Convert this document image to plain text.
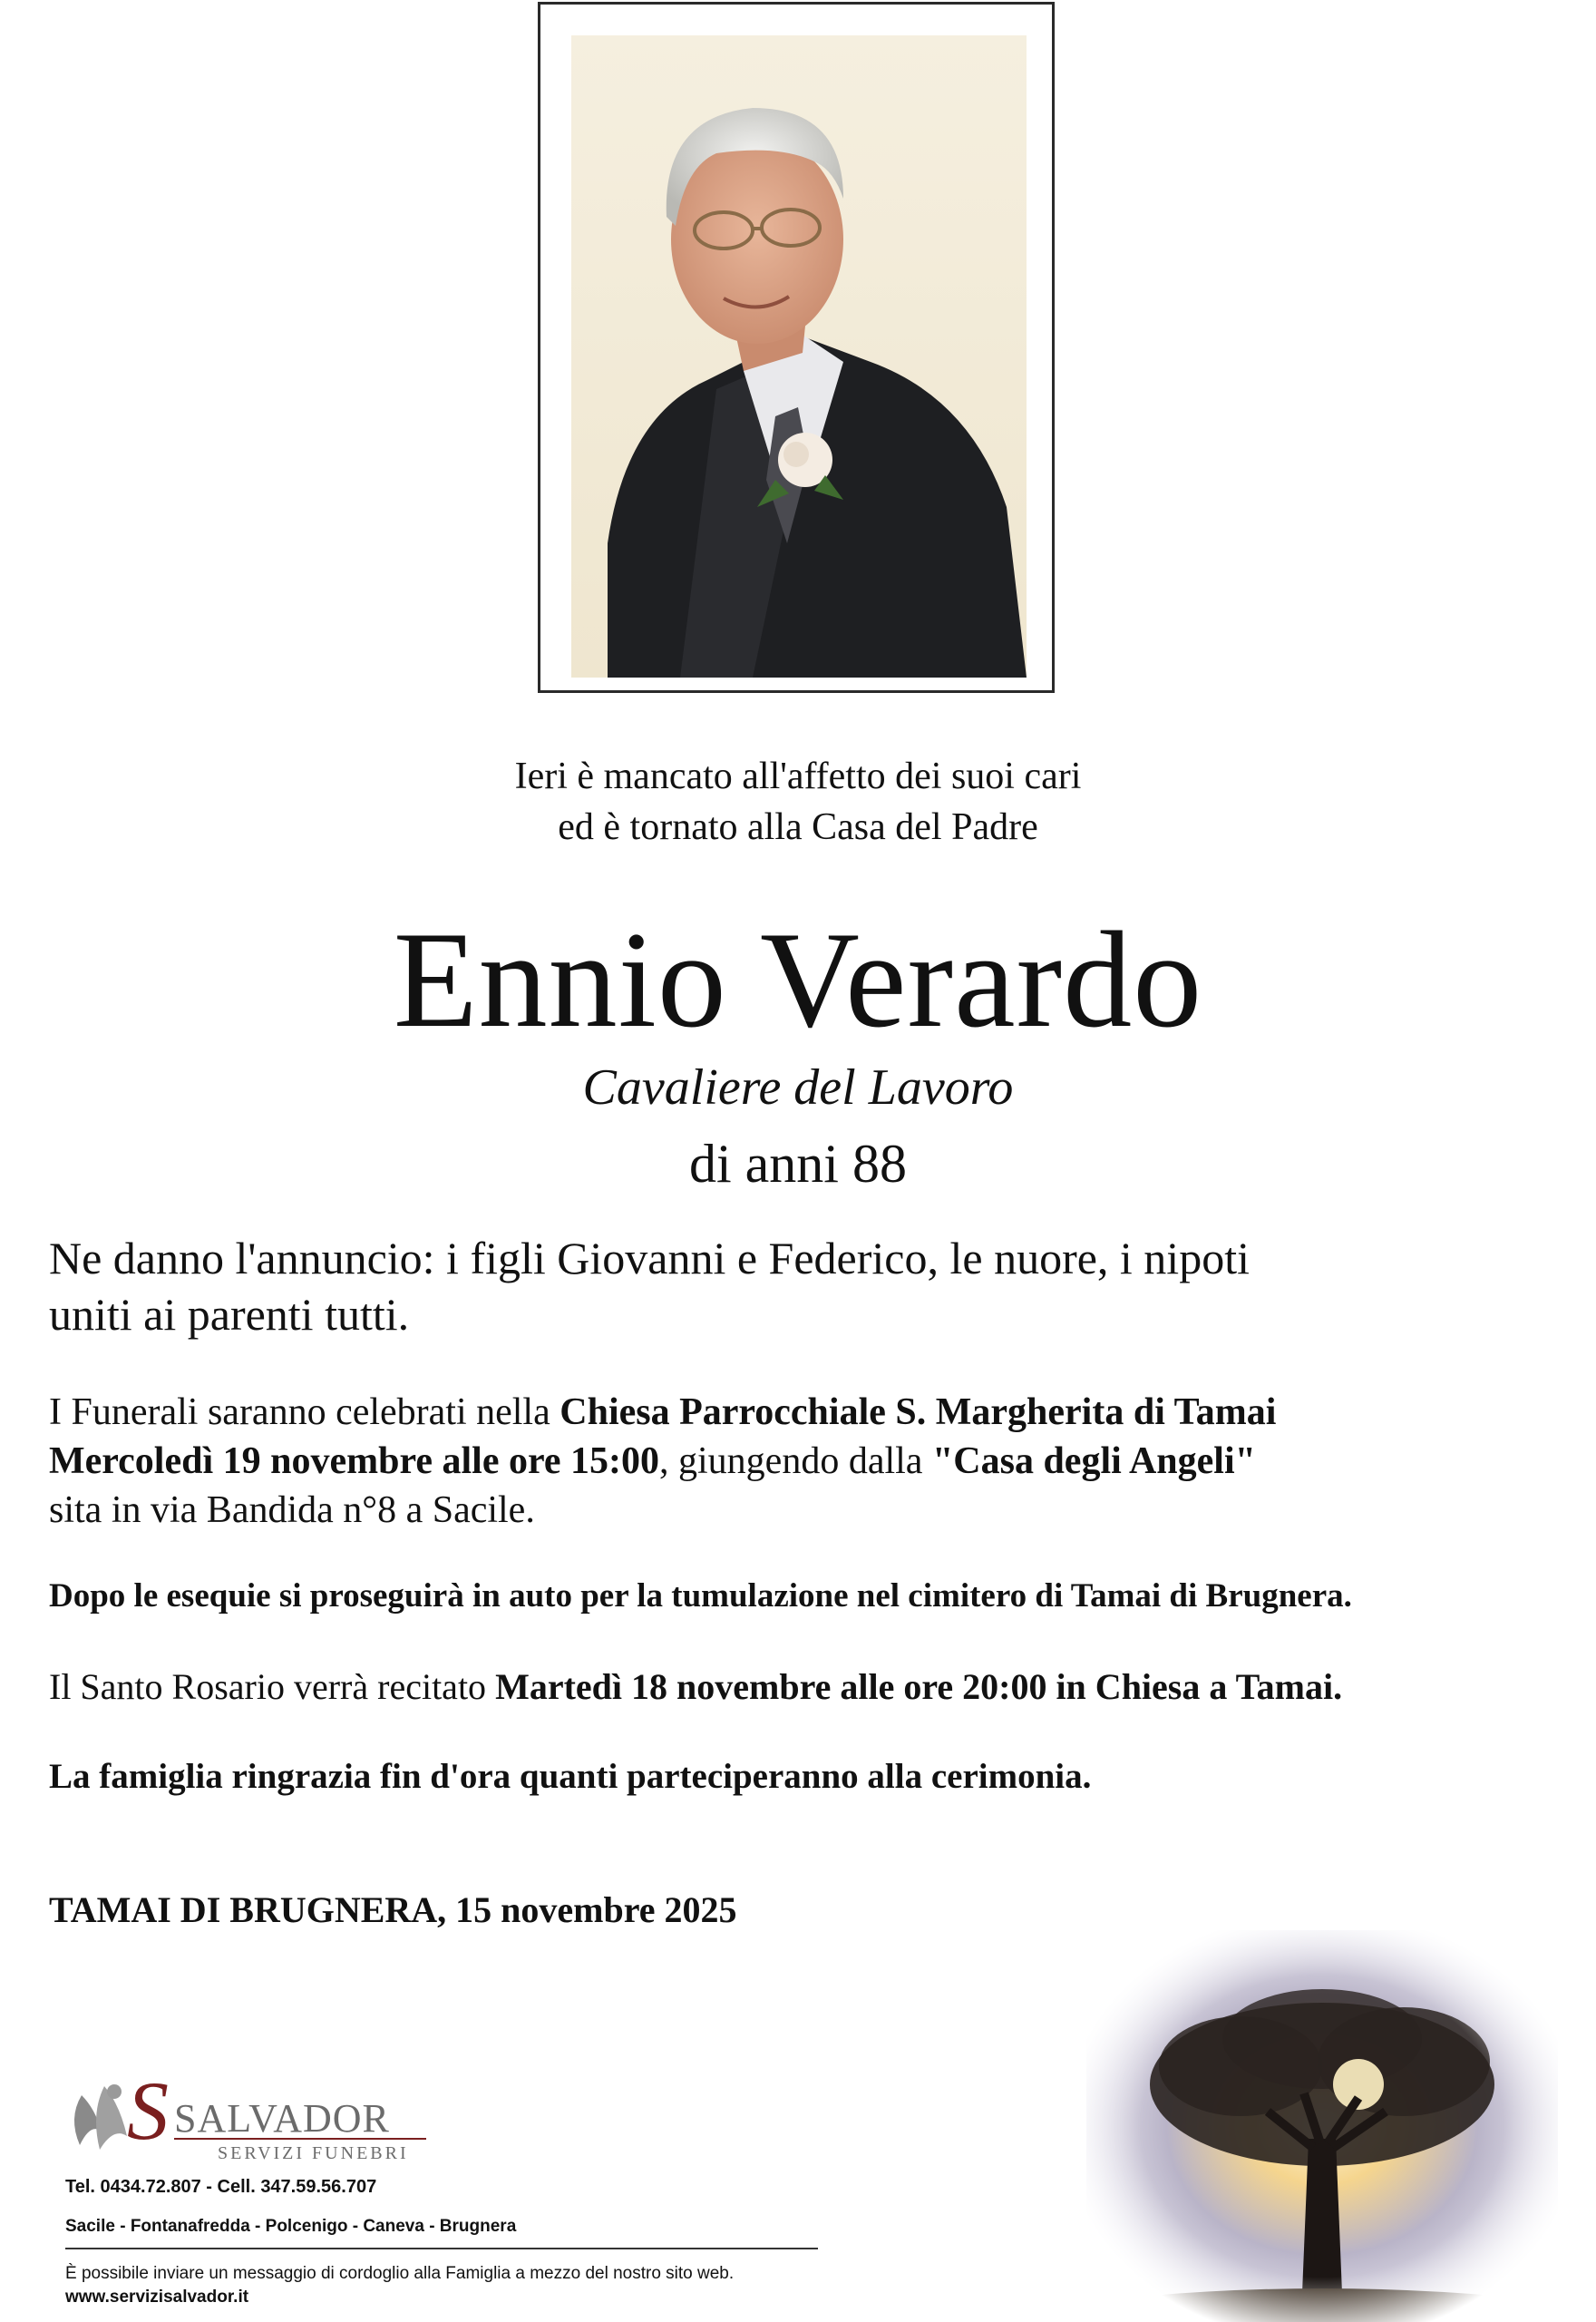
Ieri è mancato all'affetto dei suoi cari
ed è tornato alla Casa del Padre
Ennio Verardo
Cavaliere del Lavoro
di anni 88
Ne danno l'annuncio: i figli Giovanni e Federico, le nuore, i nipoti
uniti ai parenti tutti.
I Funerali saranno celebrati nella Chiesa Parrocchiale S. Margherita di Tamai
Mercoledì 19 novembre alle ore 15:00, giungendo dalla "Casa degli Angeli"
sita in via Bandida n°8 a Sacile.
Dopo le esequie si proseguirà in auto per la tumulazione nel cimitero di Tamai di Brugnera.
Il Santo Rosario verrà recitato Martedì 18 novembre alle ore 20:00 in Chiesa a Tamai.
La famiglia ringrazia fin d'ora quanti parteciperanno alla cerimonia.
TAMAI DI BRUGNERA, 15 novembre 2025
S SALVADOR
SERVIZI FUNEBRI
Tel. 0434.72.807 - Cell. 347.59.56.707
Sacile - Fontanafredda - Polcenigo - Caneva - Brugnera
È possibile inviare un messaggio di cordoglio alla Famiglia a mezzo del nostro sito web.
www.servizisalvador.it
